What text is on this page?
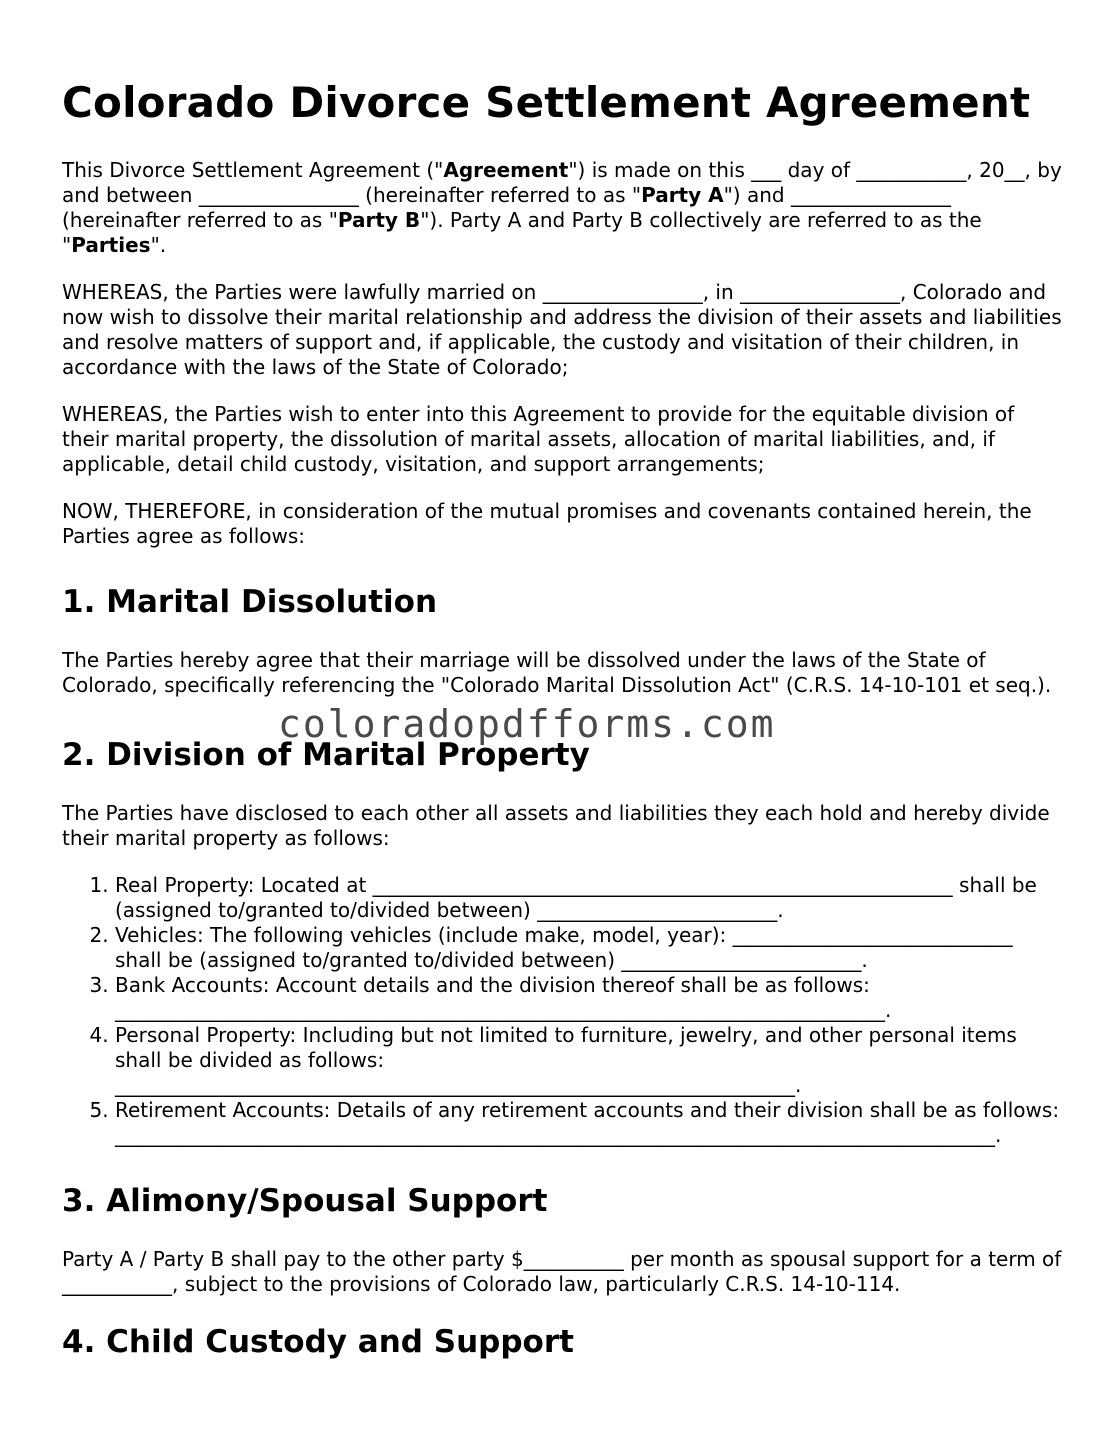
Colorado Divorce Settlement Agreement

This Divorce Settlement Agreement ("Agreement") is made on this ___ day of ___________, 20__, by and between ________________ (hereinafter referred to as "Party A") and ________________ (hereinafter referred to as "Party B"). Party A and Party B collectively are referred to as the "Parties".

WHEREAS, the Parties were lawfully married on ________________, in ________________, Colorado and now wish to dissolve their marital relationship and address the division of their assets and liabilities and resolve matters of support and, if applicable, the custody and visitation of their children, in accordance with the laws of the State of Colorado;

WHEREAS, the Parties wish to enter into this Agreement to provide for the equitable division of their marital property, the dissolution of marital assets, allocation of marital liabilities, and, if applicable, detail child custody, visitation, and support arrangements;

NOW, THEREFORE, in consideration of the mutual promises and covenants contained herein, the Parties agree as follows:

1. Marital Dissolution

The Parties hereby agree that their marriage will be dissolved under the laws of the State of Colorado, specifically referencing the "Colorado Marital Dissolution Act" (C.R.S. 14-10-101 et seq.).

2. Division of Marital Property

The Parties have disclosed to each other all assets and liabilities they each hold and hereby divide their marital property as follows:

1. Real Property: Located at __________________________________________________________ shall be (assigned to/granted to/divided between) ________________________.
2. Vehicles: The following vehicles (include make, model, year): ____________________________ shall be (assigned to/granted to/divided between) ________________________.
3. Bank Accounts: Account details and the division thereof shall be as follows: _____________________________________________________________________________.
4. Personal Property: Including but not limited to furniture, jewelry, and other personal items shall be divided as follows: ____________________________________________________________________.
5. Retirement Accounts: Details of any retirement accounts and their division shall be as follows: ________________________________________________________________________________________.
3. Alimony/Spousal Support

Party A / Party B shall pay to the other party $__________ per month as spousal support for a term of ___________, subject to the provisions of Colorado law, particularly C.R.S. 14-10-114.

4. Child Custody and Support
coloradopdfforms.com
